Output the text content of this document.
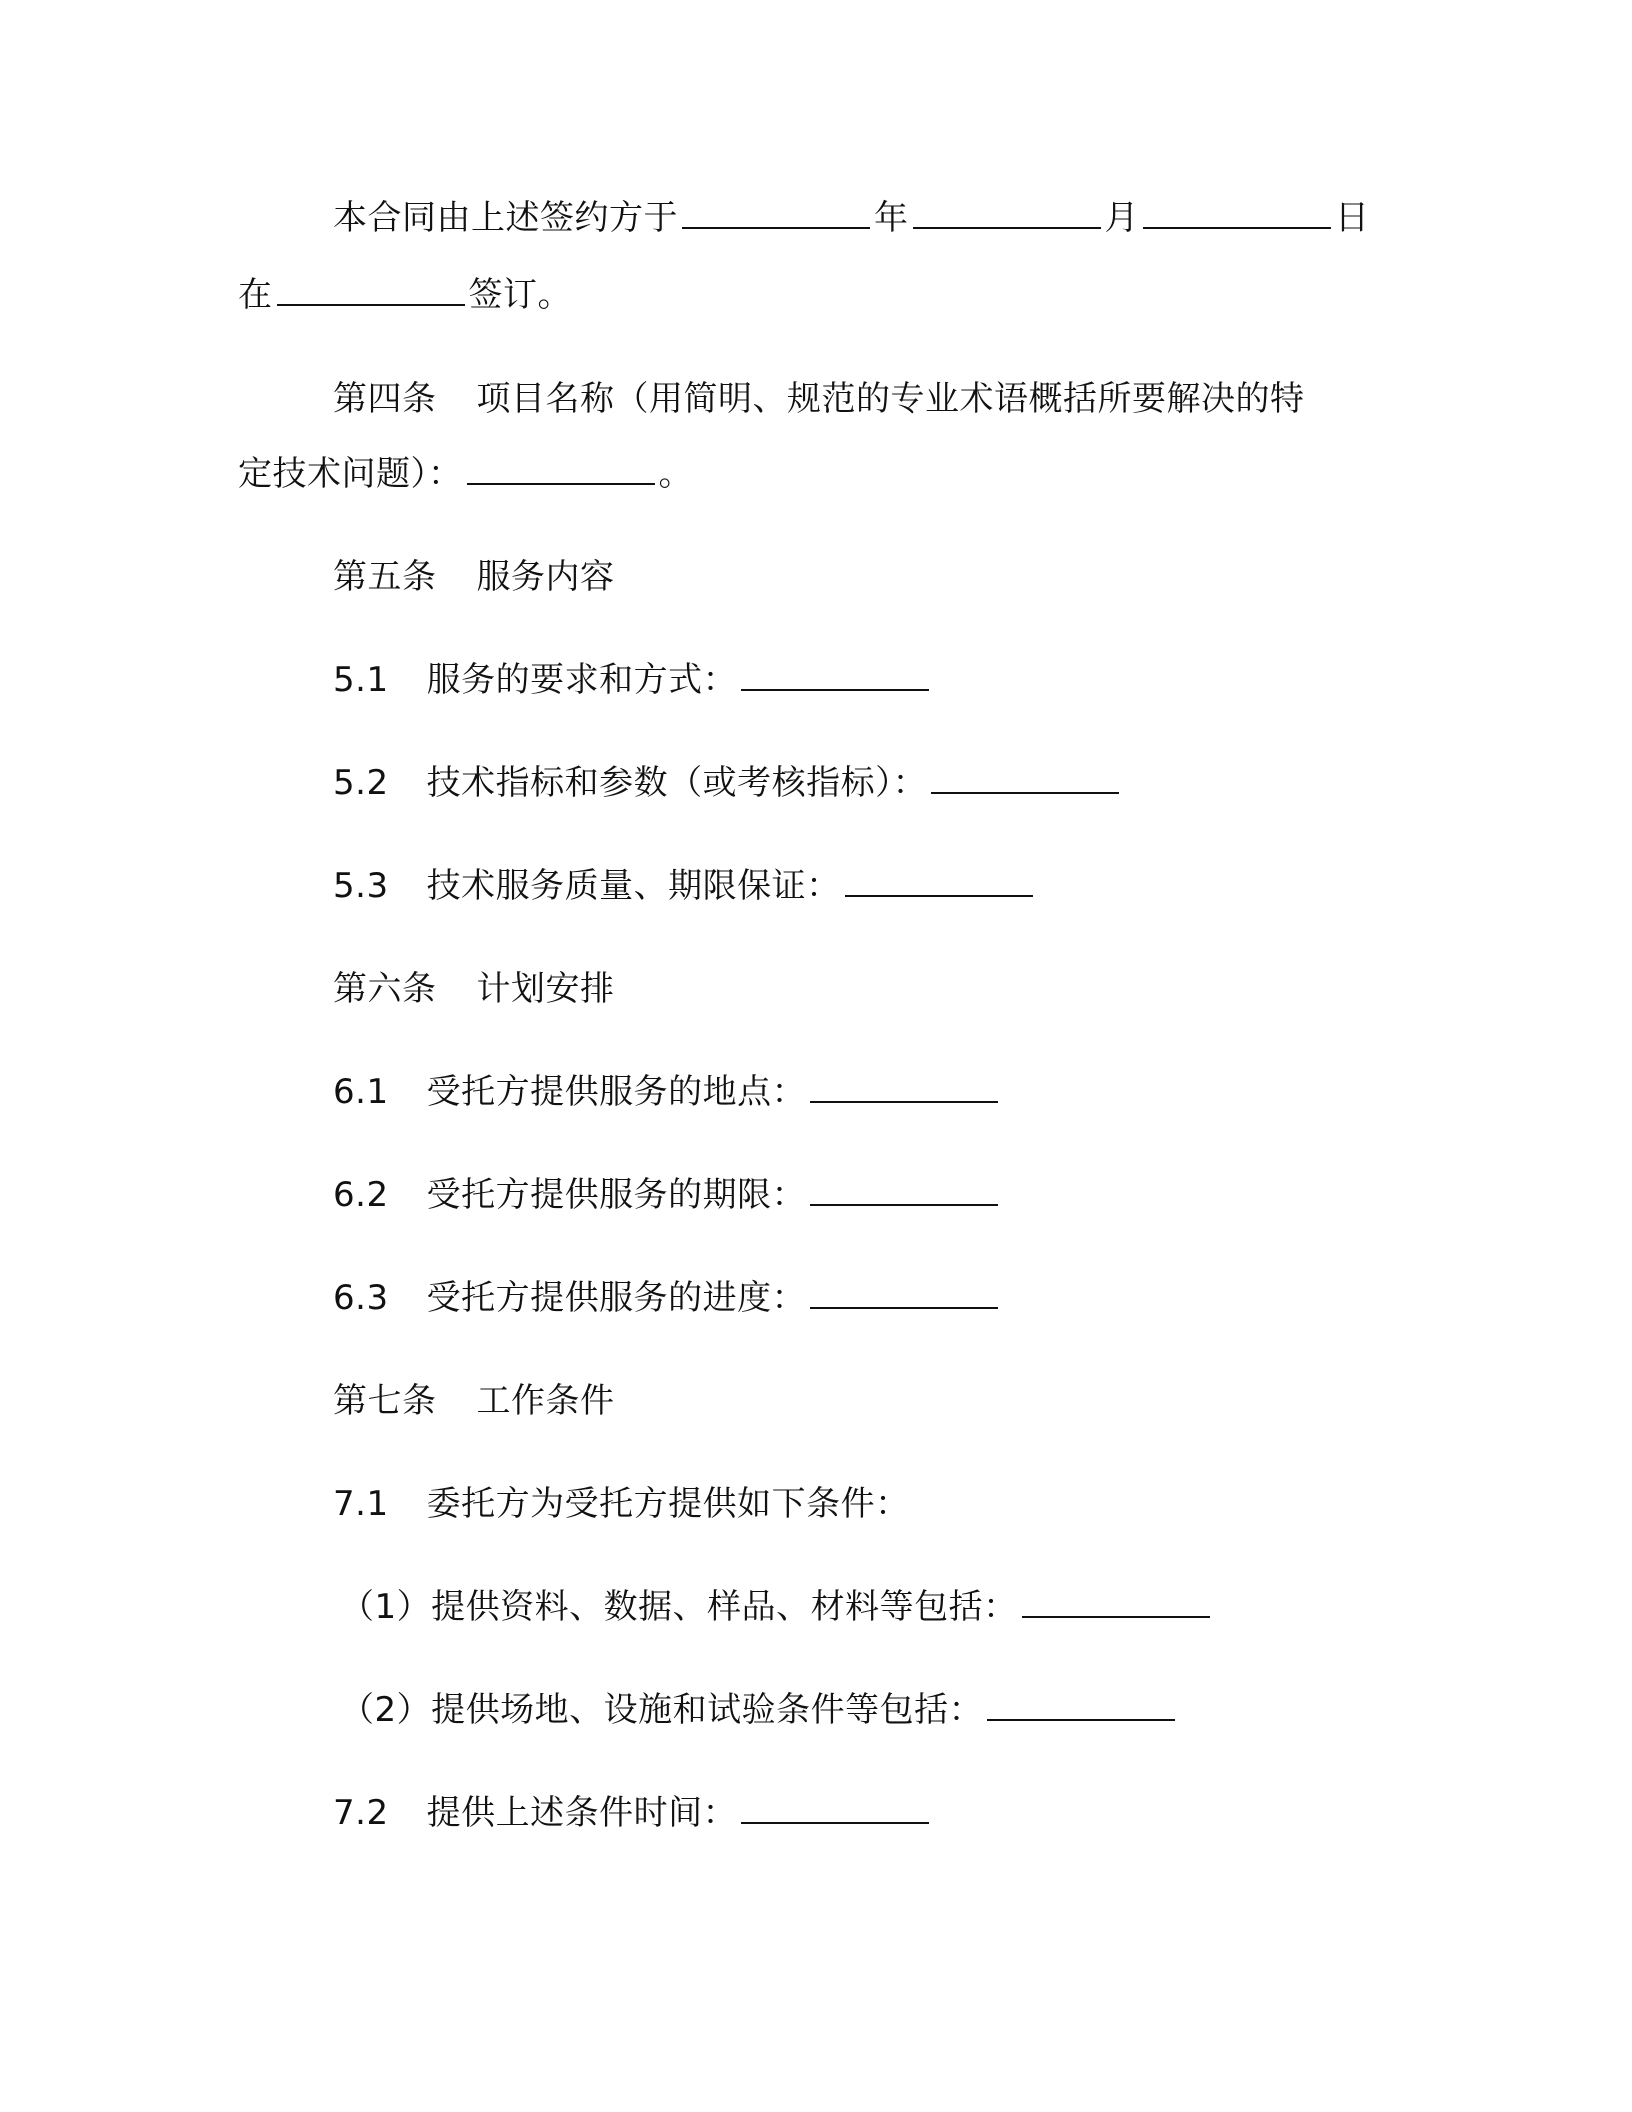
本合同由上述签约方于	年	月	日
在	签订。
第四条 项目名称（用简明、规范的专业术语概括所要解决的特
定技术问题）：	。
第五条 服务内容
5.1 服务的要求和方式：
5.2 技术指标和参数（或考核指标）：
5.3 技术服务质量、期限保证：
第六条 计划安排
6.1 受托方提供服务的地点：
6.2 受托方提供服务的期限：
6.3 受托方提供服务的进度：
第七条 工作条件
7.1 委托方为受托方提供如下条件：
（1）提供资料、数据、样品、材料等包括：
（2）提供场地、设施和试验条件等包括：
7.2 提供上述条件时间：
